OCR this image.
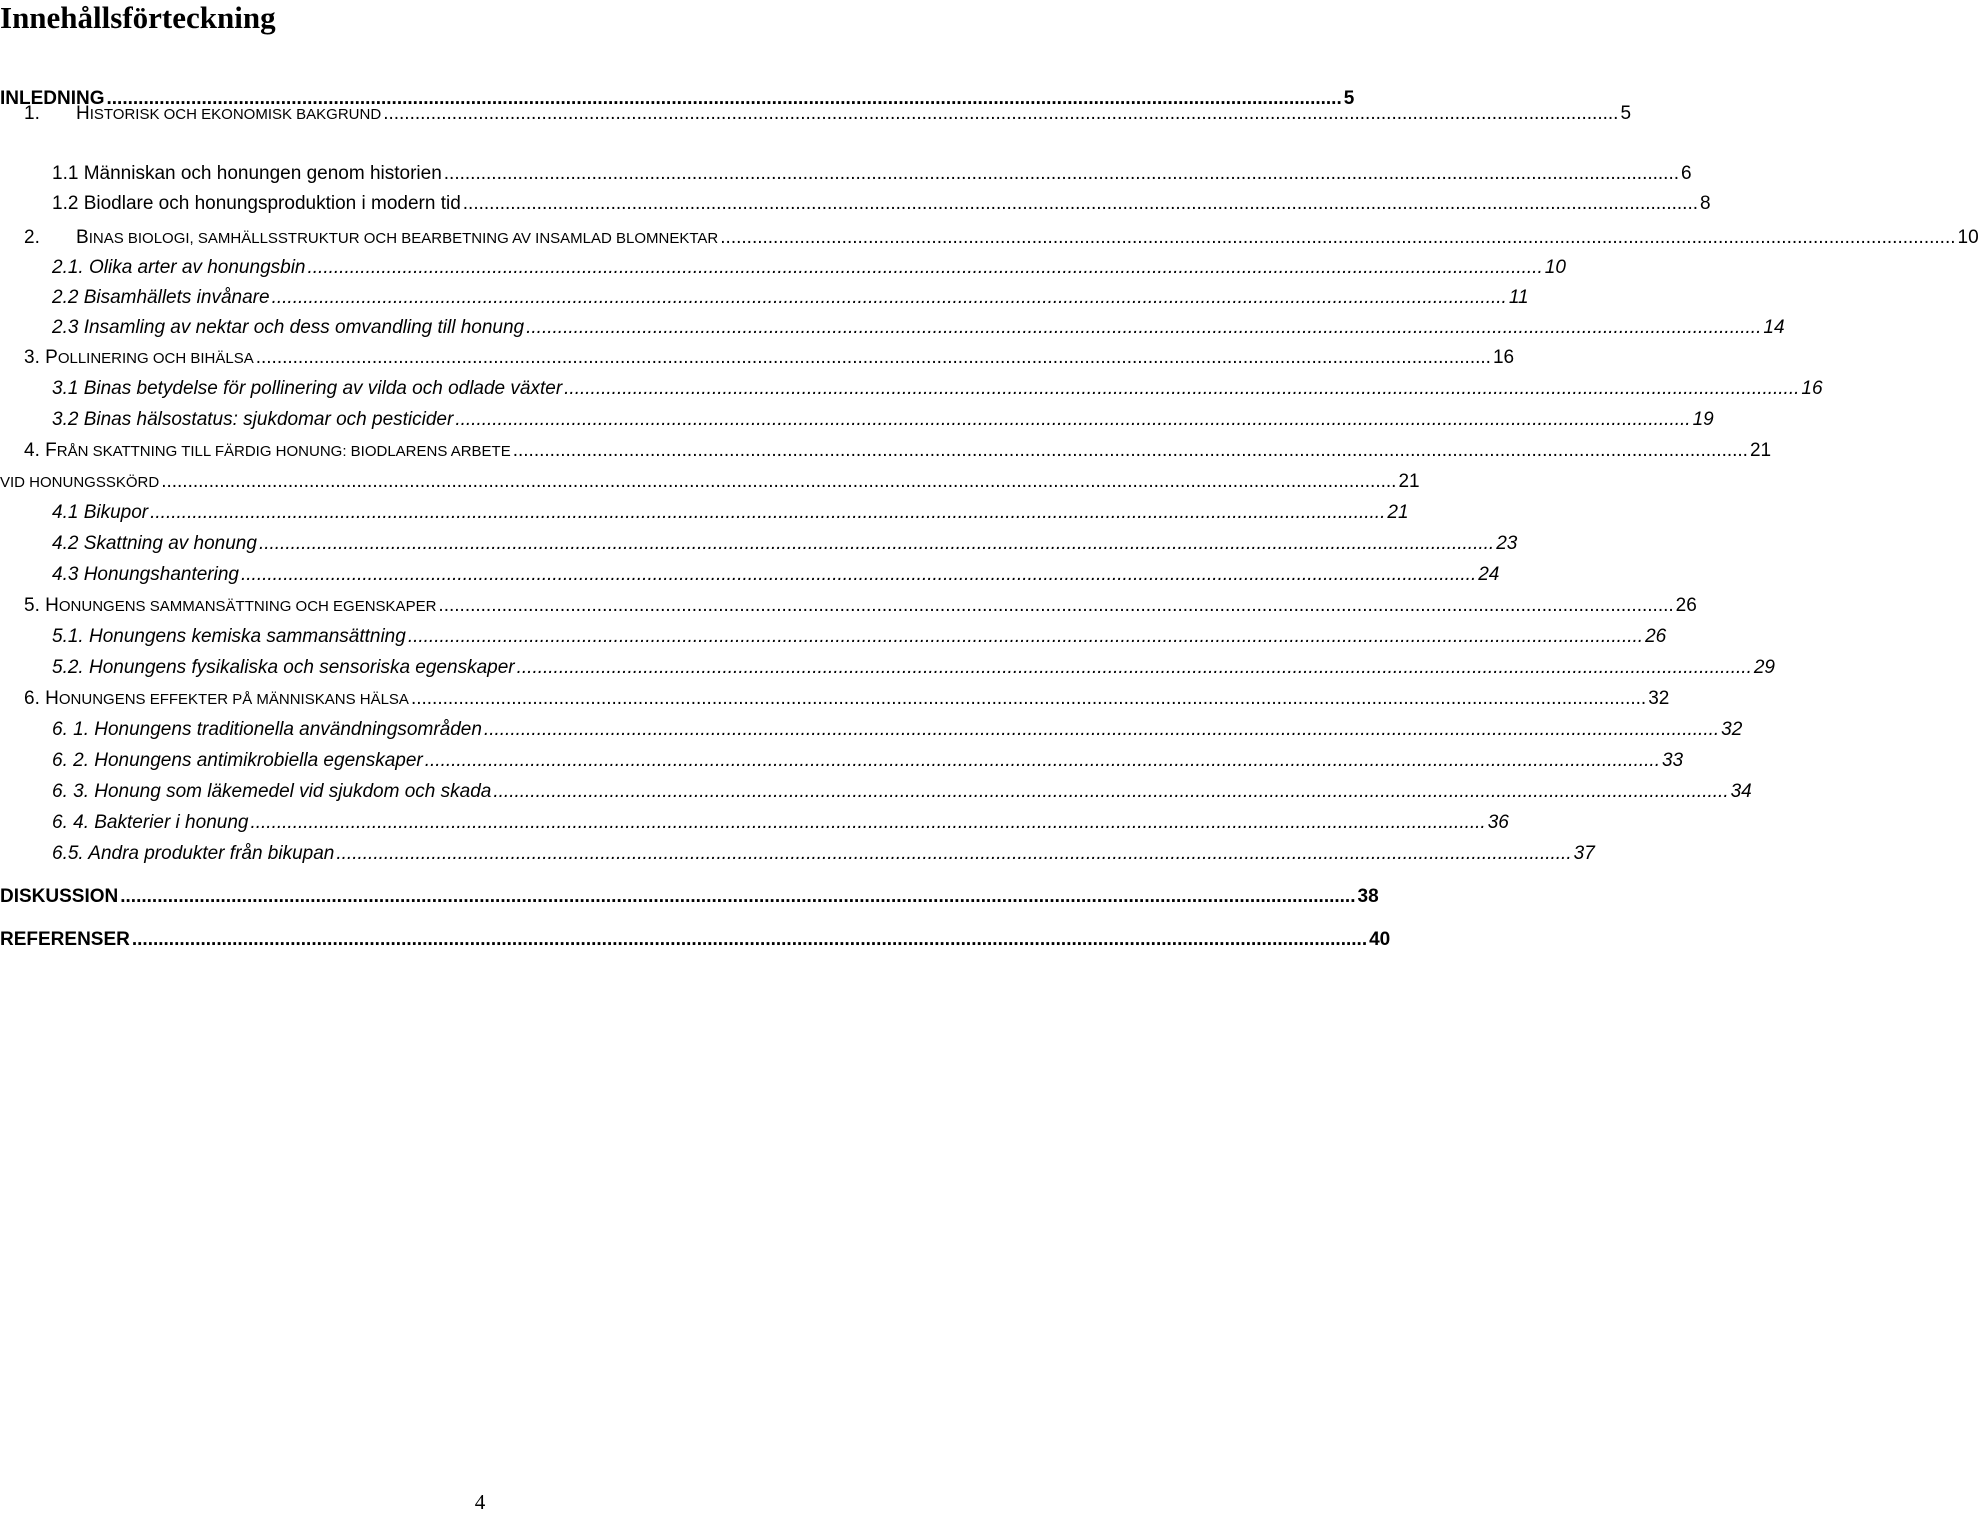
Innehållsförteckning
INLEDNING .......................................................................................................................................................................................................................................... 5
1.	HISTORISK OCH EKONOMISK BAKGRUND .......................................................................................................................................................................................................................................... 5
1.1 Människan och honungen genom historien .......................................................................................................................................................................................................................................... 6
1.2 Biodlare och honungsproduktion i modern tid .......................................................................................................................................................................................................................................... 8
2.	BINAS BIOLOGI, SAMHÄLLSSTRUKTUR OCH BEARBETNING AV INSAMLAD BLOMNEKTAR .......................................................................................................................................................................................................................................... 10
2.1. Olika arter av honungsbin .......................................................................................................................................................................................................................................... 10
2.2 Bisamhällets invånare .......................................................................................................................................................................................................................................... 11
2.3 Insamling av nektar och dess omvandling till honung .......................................................................................................................................................................................................................................... 14
3. POLLINERING OCH BIHÄLSA .......................................................................................................................................................................................................................................... 16
3.1 Binas betydelse för pollinering av vilda och odlade växter .......................................................................................................................................................................................................................................... 16
3.2 Binas hälsostatus: sjukdomar och pesticider .......................................................................................................................................................................................................................................... 19
4. FRÅN SKATTNING TILL FÄRDIG HONUNG: BIODLARENS ARBETE .......................................................................................................................................................................................................................................... 21
VID HONUNGSSKÖRD .......................................................................................................................................................................................................................................... 21
4.1 Bikupor .......................................................................................................................................................................................................................................... 21
4.2 Skattning av honung .......................................................................................................................................................................................................................................... 23
4.3 Honungshantering .......................................................................................................................................................................................................................................... 24
5. HONUNGENS SAMMANSÄTTNING OCH EGENSKAPER .......................................................................................................................................................................................................................................... 26
5.1. Honungens kemiska sammansättning .......................................................................................................................................................................................................................................... 26
5.2. Honungens fysikaliska och sensoriska egenskaper .......................................................................................................................................................................................................................................... 29
6. HONUNGENS EFFEKTER PÅ MÄNNISKANS HÄLSA .......................................................................................................................................................................................................................................... 32
6. 1. Honungens traditionella användningsområden .......................................................................................................................................................................................................................................... 32
6. 2. Honungens antimikrobiella egenskaper .......................................................................................................................................................................................................................................... 33
6. 3. Honung som läkemedel vid sjukdom och skada .......................................................................................................................................................................................................................................... 34
6. 4. Bakterier i honung .......................................................................................................................................................................................................................................... 36
6.5. Andra produkter från bikupan .......................................................................................................................................................................................................................................... 37
DISKUSSION .......................................................................................................................................................................................................................................... 38
REFERENSER .......................................................................................................................................................................................................................................... 40
4
